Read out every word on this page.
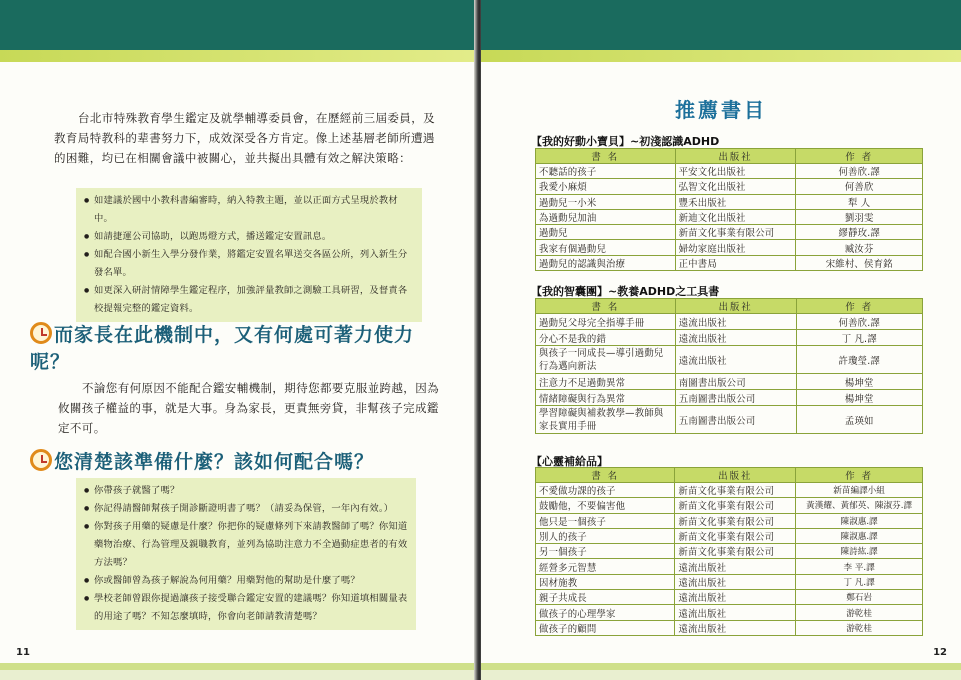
台北市特殊教育學生鑑定及就學輔導委員會，在歷經前三屆委員，及教育局特教科的辈書努力下，成效深受各方肯定。像上述基層老師所遭遇的困難，均已在相關會議中被關心，並共擬出具體有效之解決策略：

● 如建議於國中小教科書編審時，納入特教主題，並以正面方式呈現於教材中。
● 如請捷運公司協助，以跑馬燈方式，播送鑑定安置訊息。
● 如配合國小新生入學分發作業，將鑑定安置名單送交各區公所，列入新生分發名單。
● 如更深入研討情障學生鑑定程序，加強評量教師之測驗工具研習，及督責各校提報完整的鑑定資料。
而家長在此機制中，又有何處可著力使力呢？

不論您有何原因不能配合鑑安輔機制，期待您都要克服並跨越，因為攸關孩子權益的事，就是大事。身為家長，更責無旁貸，非幫孩子完成鑑定不可。

您清楚該準備什麼？該如何配合嗎？
● 你帶孩子就醫了嗎？
● 你記得請醫師幫孩子開診斷證明書了嗎？（請妥為保管，一年內有效。）
● 你對孩子用藥的疑慮是什麼？你把你的疑慮條列下來請教醫師了嗎？你知道藥物治療、行為管理及親職教育，並列為協助注意力不全過動症患者的有效方法嗎？
● 你或醫師曾為孩子解說為何用藥？用藥對他的幫助是什麼了嗎？
● 學校老師曾跟你提過讓孩子接受聯合鑑定安置的建議嗎？你知道填相關量表的用途了嗎？不知怎麼填時，你會向老師請教清楚嗎？
11
推薦書目
【我的好動小寶貝】~初淺認識ADHD
書 名	出版社	作 者
不聽話的孩子	平安文化出版社	何善欣.譯
我愛小麻煩	弘智文化出版社	何善欣
過動兒一小米	豐禾出版社	犁 人
為過動兒加油	新迪文化出版社	劉羽雯
過動兒	新苗文化事業有限公司	繆靜玫.譯
我家有個過動兒	婦幼家庭出版社	臧汝芬
過動兒的認識與治療	正中書局	宋維村、侯育銘
【我的智囊團】~教養ADHD之工具書
書 名	出版社	作 者
過動兒父母完全指導手冊	遠流出版社	何善欣.譯
分心不是我的錯	遠流出版社	丁 凡.譯
與孩子一同成長—導引過動兒行為邁向新法	遠流出版社	許瓊瑩.譯
注意力不足過動異常	南圖書出版公司	楊坤堂
情緒障礙與行為異常	五南圖書出版公司	楊坤堂
學習障礙與補救教學—教師與家長實用手冊	五南圖書出版公司	孟瑛如
【心靈補給品】
書 名	出版社	作 者
不愛做功課的孩子	新苗文化事業有限公司	新苗編譯小組
鼓勵他，不要偏害他	新苗文化事業有限公司	黃漢耀、黃郁英、陳淑芬.譯
他只是一個孩子	新苗文化事業有限公司	陳淑惠.譯
別人的孩子	新苗文化事業有限公司	陳淑惠.譯
另一個孩子	新苗文化事業有限公司	陳詩紘.譯
經營多元智慧	遠流出版社	李 平.譯
因材施教	遠流出版社	丁 凡.譯
親子共成長	遠流出版社	鄭石岩
做孩子的心理學家	遠流出版社	游乾桂
做孩子的顧問	遠流出版社	游乾桂
12
